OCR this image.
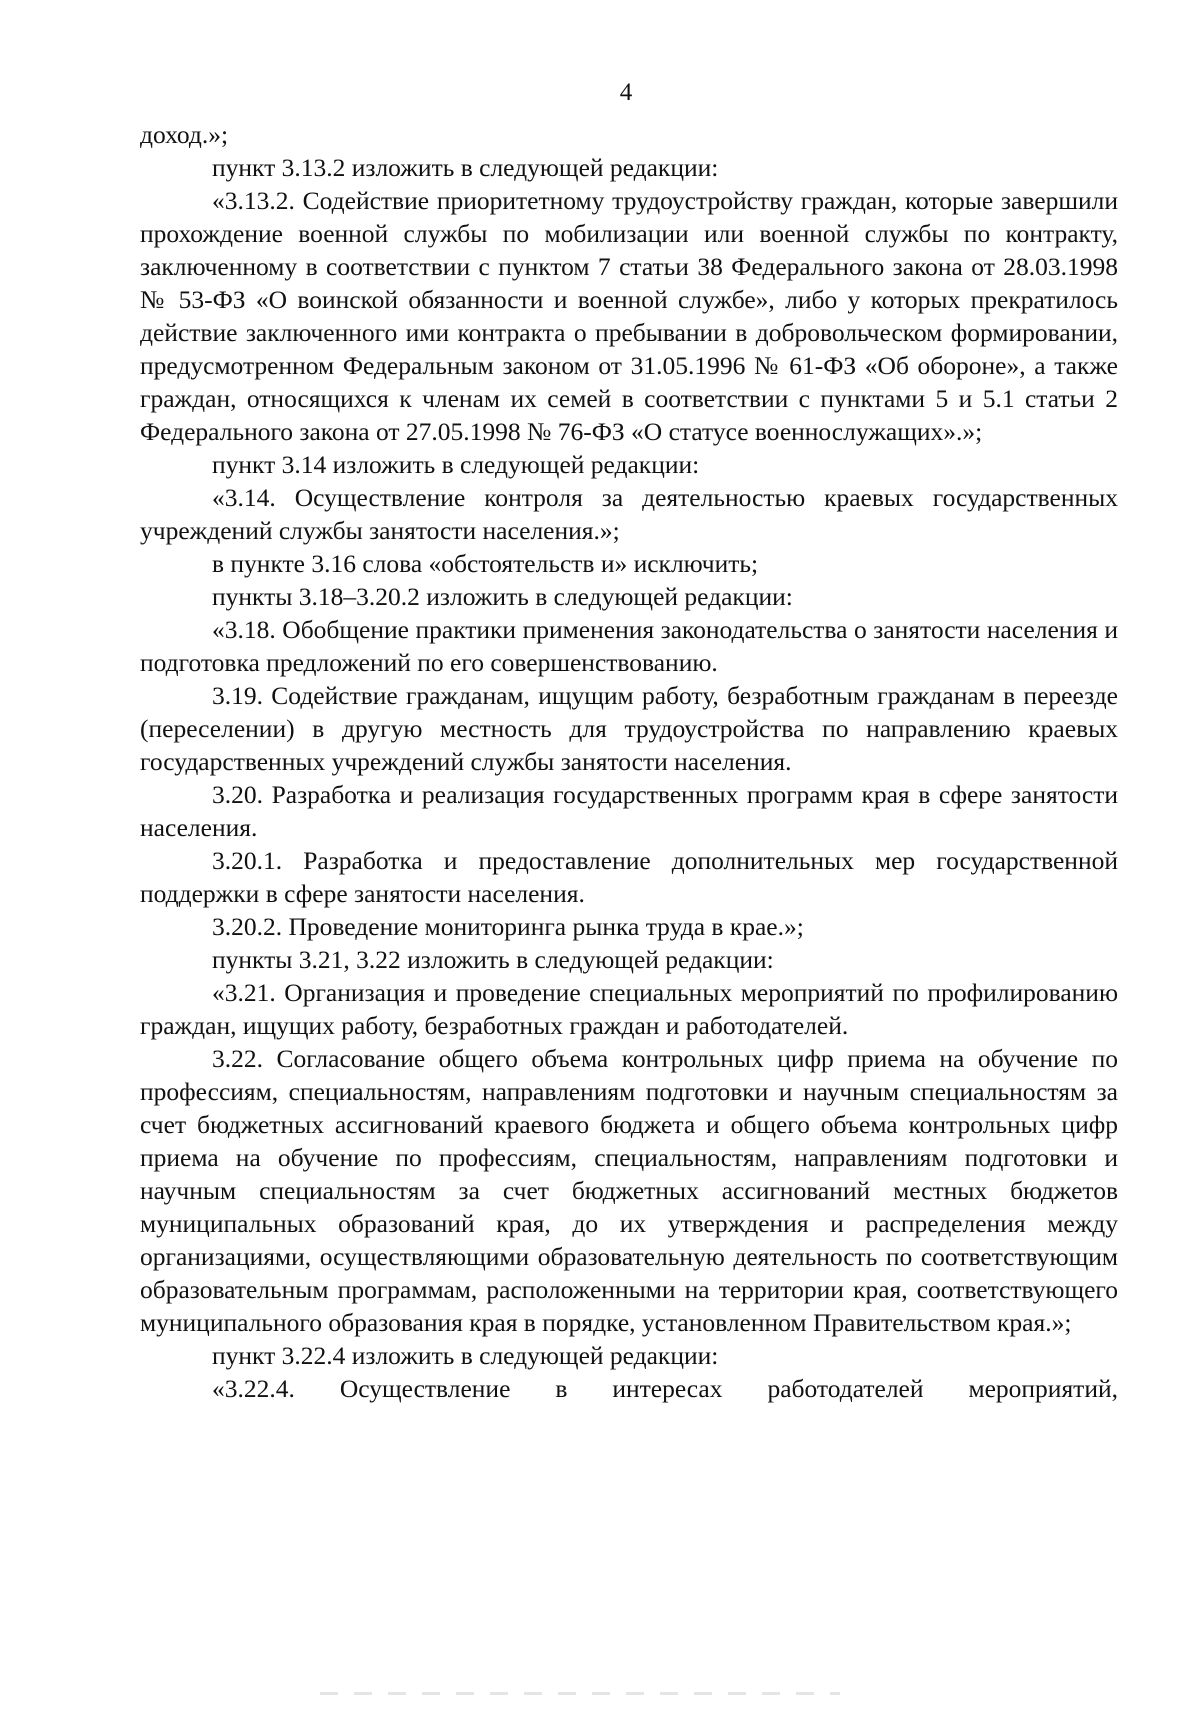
4

доход.»;

пункт 3.13.2 изложить в следующей редакции:

«3.13.2. Содействие приоритетному трудоустройству граждан, которые завершили прохождение военной службы по мобилизации или военной службы по контракту, заключенному в соответствии с пунктом 7 статьи 38 Федерального закона от 28.03.1998 № 53-ФЗ «О воинской обязанности и военной службе», либо у которых прекратилось действие заключенного ими контракта о пребывании в добровольческом формировании, предусмотренном Федеральным законом от 31.05.1996 № 61-ФЗ «Об обороне», а также граждан, относящихся к членам их семей в соответствии с пунктами 5 и 5.1 статьи 2 Федерального закона от 27.05.1998 № 76-ФЗ «О статусе военнослужащих».»;

пункт 3.14 изложить в следующей редакции:

«3.14. Осуществление контроля за деятельностью краевых государственных учреждений службы занятости населения.»;

в пункте 3.16 слова «обстоятельств и» исключить;

пункты 3.18–3.20.2 изложить в следующей редакции:

«3.18. Обобщение практики применения законодательства о занятости населения и подготовка предложений по его совершенствованию.

3.19. Содействие гражданам, ищущим работу, безработным гражданам в переезде (переселении) в другую местность для трудоустройства по направлению краевых государственных учреждений службы занятости населения.

3.20. Разработка и реализация государственных программ края в сфере занятости населения.

3.20.1. Разработка и предоставление дополнительных мер государственной поддержки в сфере занятости населения.

3.20.2. Проведение мониторинга рынка труда в крае.»;

пункты 3.21, 3.22 изложить в следующей редакции:

«3.21. Организация и проведение специальных мероприятий по профилированию граждан, ищущих работу, безработных граждан и работодателей.

3.22. Согласование общего объема контрольных цифр приема на обучение по профессиям, специальностям, направлениям подготовки и научным специальностям за счет бюджетных ассигнований краевого бюджета и общего объема контрольных цифр приема на обучение по профессиям, специальностям, направлениям подготовки и научным специальностям за счет бюджетных ассигнований местных бюджетов муниципальных образований края, до их утверждения и распределения между организациями, осуществляющими образовательную деятельность по соответствующим образовательным программам, расположенными на территории края, соответствующего муниципального образования края в порядке, установленном Правительством края.»;

пункт 3.22.4 изложить в следующей редакции:

«3.22.4. Осуществление в интересах работодателей мероприятий,
